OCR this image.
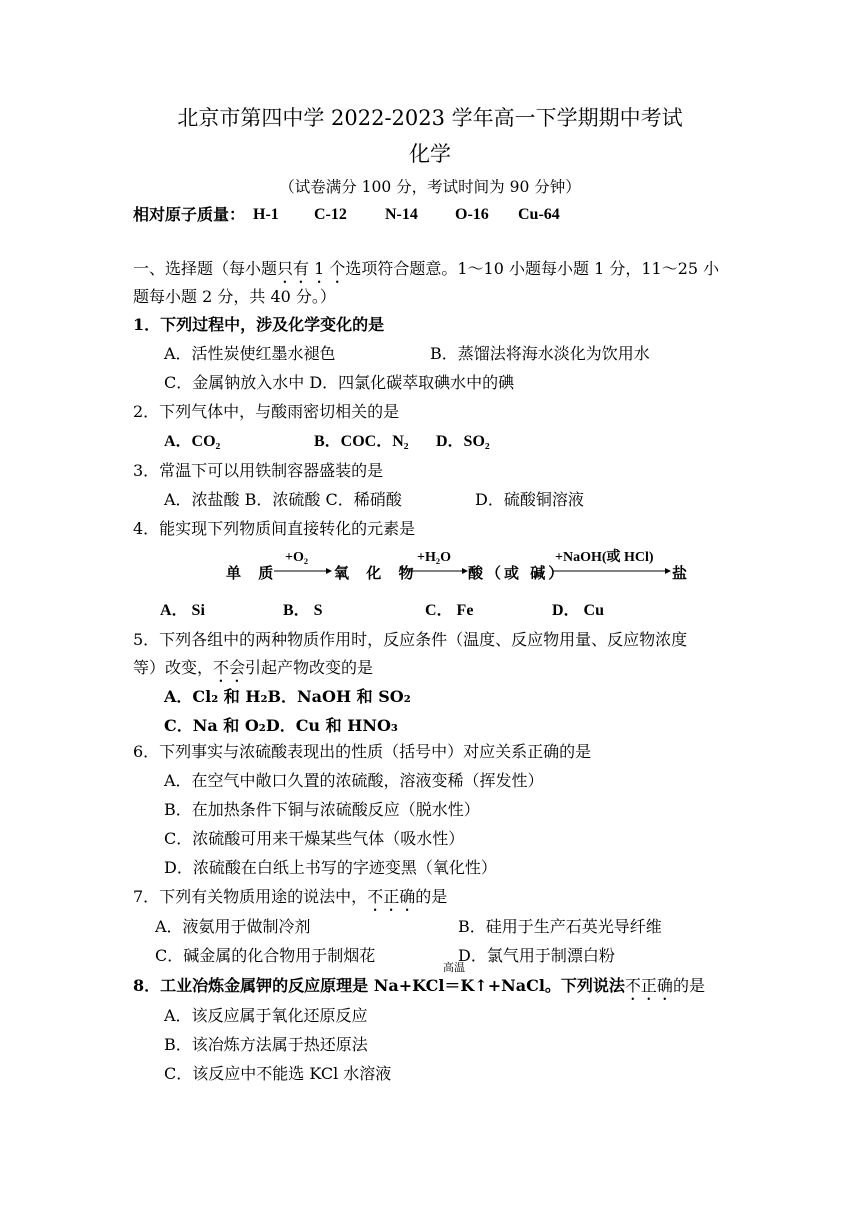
北京市第四中学 2022-2023 学年高一下学期期中考试
化学
（试卷满分 100 分，考试时间为 90 分钟）
相对原子质量： H-1 C-12 N-14 O-16 Cu-64
一、选择题（每小题只有 1 个选项符合题意。1～10 小题每小题 1 分，11～25 小
题每小题 2 分，共 40 分。）
1．下列过程中，涉及化学变化的是
A．活性炭使红墨水褪色	B．蒸馏法将海水淡化为饮用水
C．金属钠放入水中 D．四氯化碳萃取碘水中的碘
2．下列气体中，与酸雨密切相关的是
A．CO₂	B．COC．N₂ D．SO₂
3．常温下可以用铁制容器盛装的是
A．浓盐酸 B．浓硫酸 C．稀硝酸	D．硫酸铜溶液
4．能实现下列物质间直接转化的元素是
单 质
+O₂
氧 化 物
+H₂O
酸（或 碱）
+NaOH(或 HCl)
盐
A． Si	B． S	C． Fe	D． Cu
5．下列各组中的两种物质作用时，反应条件（温度、反应物用量、反应物浓度
等）改变，不会引起产物改变的是
A．Cl₂ 和 H₂B．NaOH 和 SO₂
C．Na 和 O₂D．Cu 和 HNO₃
6．下列事实与浓硫酸表现出的性质（括号中）对应关系正确的是
A．在空气中敞口久置的浓硫酸，溶液变稀（挥发性）
B．在加热条件下铜与浓硫酸反应（脱水性）
C．浓硫酸可用来干燥某些气体（吸水性）
D．浓硫酸在白纸上书写的字迹变黑（氧化性）
7．下列有关物质用途的说法中，不正确的是
A．液氨用于做制冷剂	B．硅用于生产石英光导纤维
C．碱金属的化合物用于制烟花	D．氯气用于制漂白粉
高温
8．工业冶炼金属钾的反应原理是 Na+KCl＝K↑+NaCl。下列说法不正确的是
A．该反应属于氧化还原反应
B．该冶炼方法属于热还原法
C．该反应中不能选 KCl 水溶液
